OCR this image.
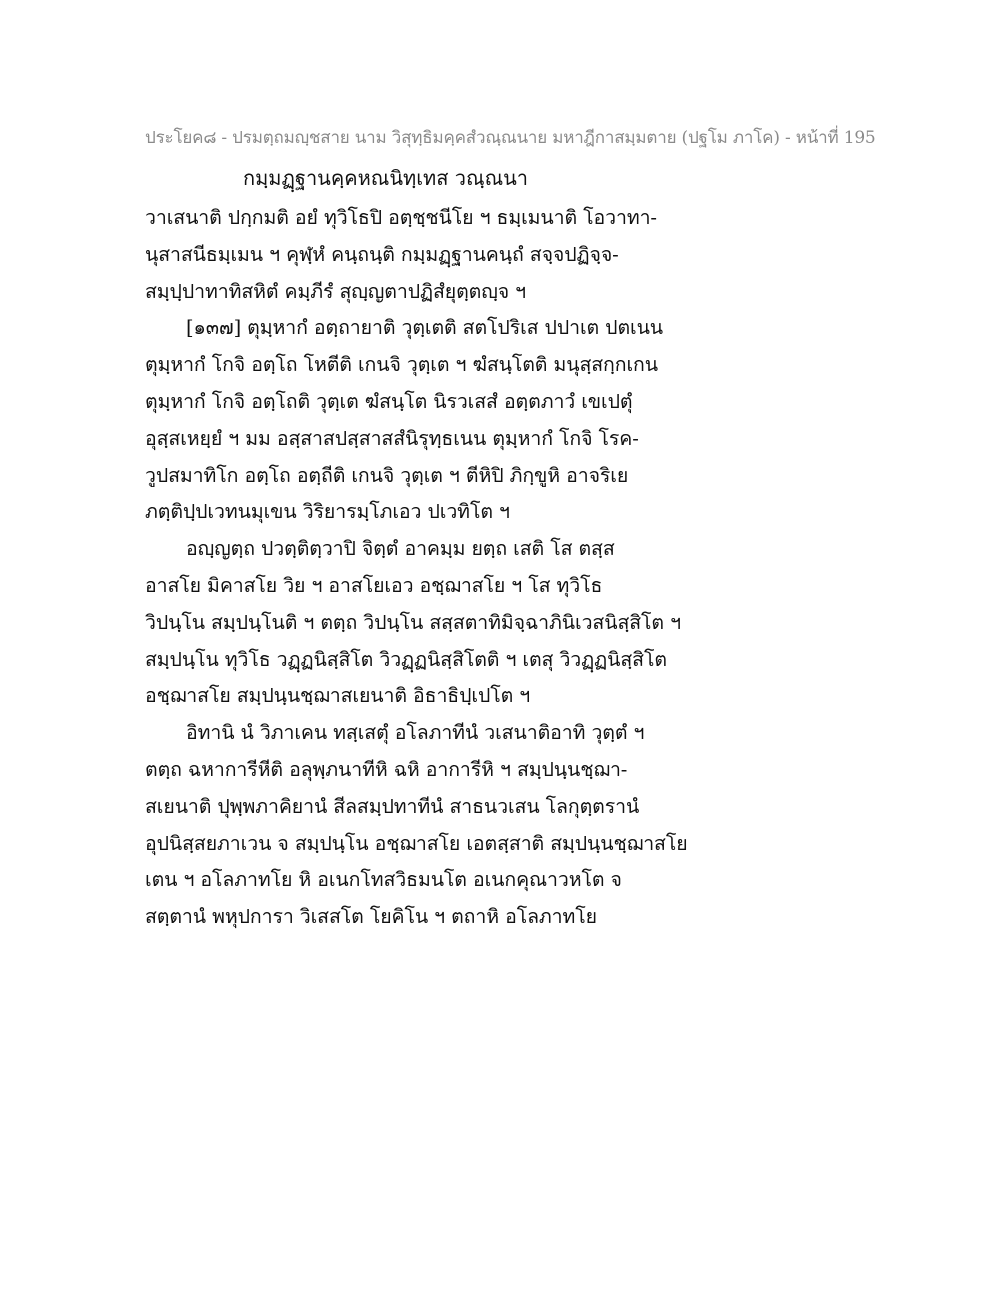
ประโยค๘ - ปรมตฺถมญฺชสาย นาม วิสุทฺธิมคฺคสํวณฺณนาย มหาฎีกาสมฺมตาย (ปฐโม ภาโค) - หน้าที่ 195
กมฺมฏฺฐานคฺคหณนิทฺเทส วณฺณนา
วาเสนาติ ปกฺกมติ อยํ ทุวิโธปิ อตฺชฺชนีโย ฯ ธมฺเมนาติ โอวาทา-
นุสาสนีธมฺเมน ฯ คุฬฺหํ คนฺถนฺติ กมฺมฏฺฐานคนฺถํ สจฺจปฏิจฺจ-
สมฺปฺปาทาทิสหิตํ คมฺภีรํ สุญฺญตาปฏิสํยุตฺตญฺจ ฯ
[๑๓๗] ตุมฺหากํ อตฺถายาติ วุตฺเตติ สตโปริเส ปปาเต ปตเนน
ตุมฺหากํ โกจิ อตฺโถ โหตีติ เกนจิ วุตฺเต ฯ ฆํสนฺโตติ มนุสฺสกฺกเกน
ตุมฺหากํ โกจิ อตฺโถติ วุตฺเต ฆํสนฺโต นิรวเสสํ อตฺตภาวํ เขเปตุํ
อุสฺสเหยฺยํ ฯ มม อสฺสาสปสฺสาสสํนิรุทฺธเนน ตุมฺหากํ โกจิ โรค-
วูปสมาทิโก อตฺโถ อตฺถีติ เกนจิ วุตฺเต ฯ ตีหิปิ ภิกฺขูหิ อาจริเย
ภตฺติปฺปเวทนมุเขน วิริยารมฺโภเอว ปเวทิโต ฯ
อญฺญตฺถ ปวตฺติตฺวาปิ จิตฺตํ อาคมฺม ยตฺถ เสติ โส ตสฺส
อาสโย มิคาสโย วิย ฯ อาสโยเอว อชฺฌาสโย ฯ โส ทุวิโธ
วิปนฺโน สมฺปนฺโนติ ฯ ตตฺถ วิปนฺโน สสฺสตาทิมิจฺฉาภินิเวสนิสฺสิโต ฯ
สมฺปนฺโน ทุวิโธ วฏฺฏนิสฺสิโต วิวฏฺฏนิสฺสิโตติ ฯ เตสุ วิวฏฺฏนิสฺสิโต
อชฺฌาสโย สมฺปนฺนชฺฌาสเยนาติ อิธาธิปฺเปโต ฯ
อิทานิ นํ วิภาเคน ทสฺเสตุํ อโลภาทีนํ วเสนาติอาทิ วุตฺตํ ฯ
ตตฺถ ฉหาการีหีติ อลุพฺภนาทีหิ ฉหิ อาการีหิ ฯ สมฺปนฺนชฺฌา-
สเยนาติ ปุพฺพภาคิยานํ สีลสมฺปทาทีนํ สาธนวเสน โลกุตฺตรานํ
อุปนิสฺสยภาเวน จ สมฺปนฺโน อชฺฌาสโย เอตสฺสาติ สมฺปนฺนชฺฌาสโย
เตน ฯ อโลภาทโย หิ อเนกโทสวิธมนโต อเนกคุณาวหโต จ
สตฺตานํ พหุปการา วิเสสโต โยคิโน ฯ ตถาหิ อโลภาทโย
